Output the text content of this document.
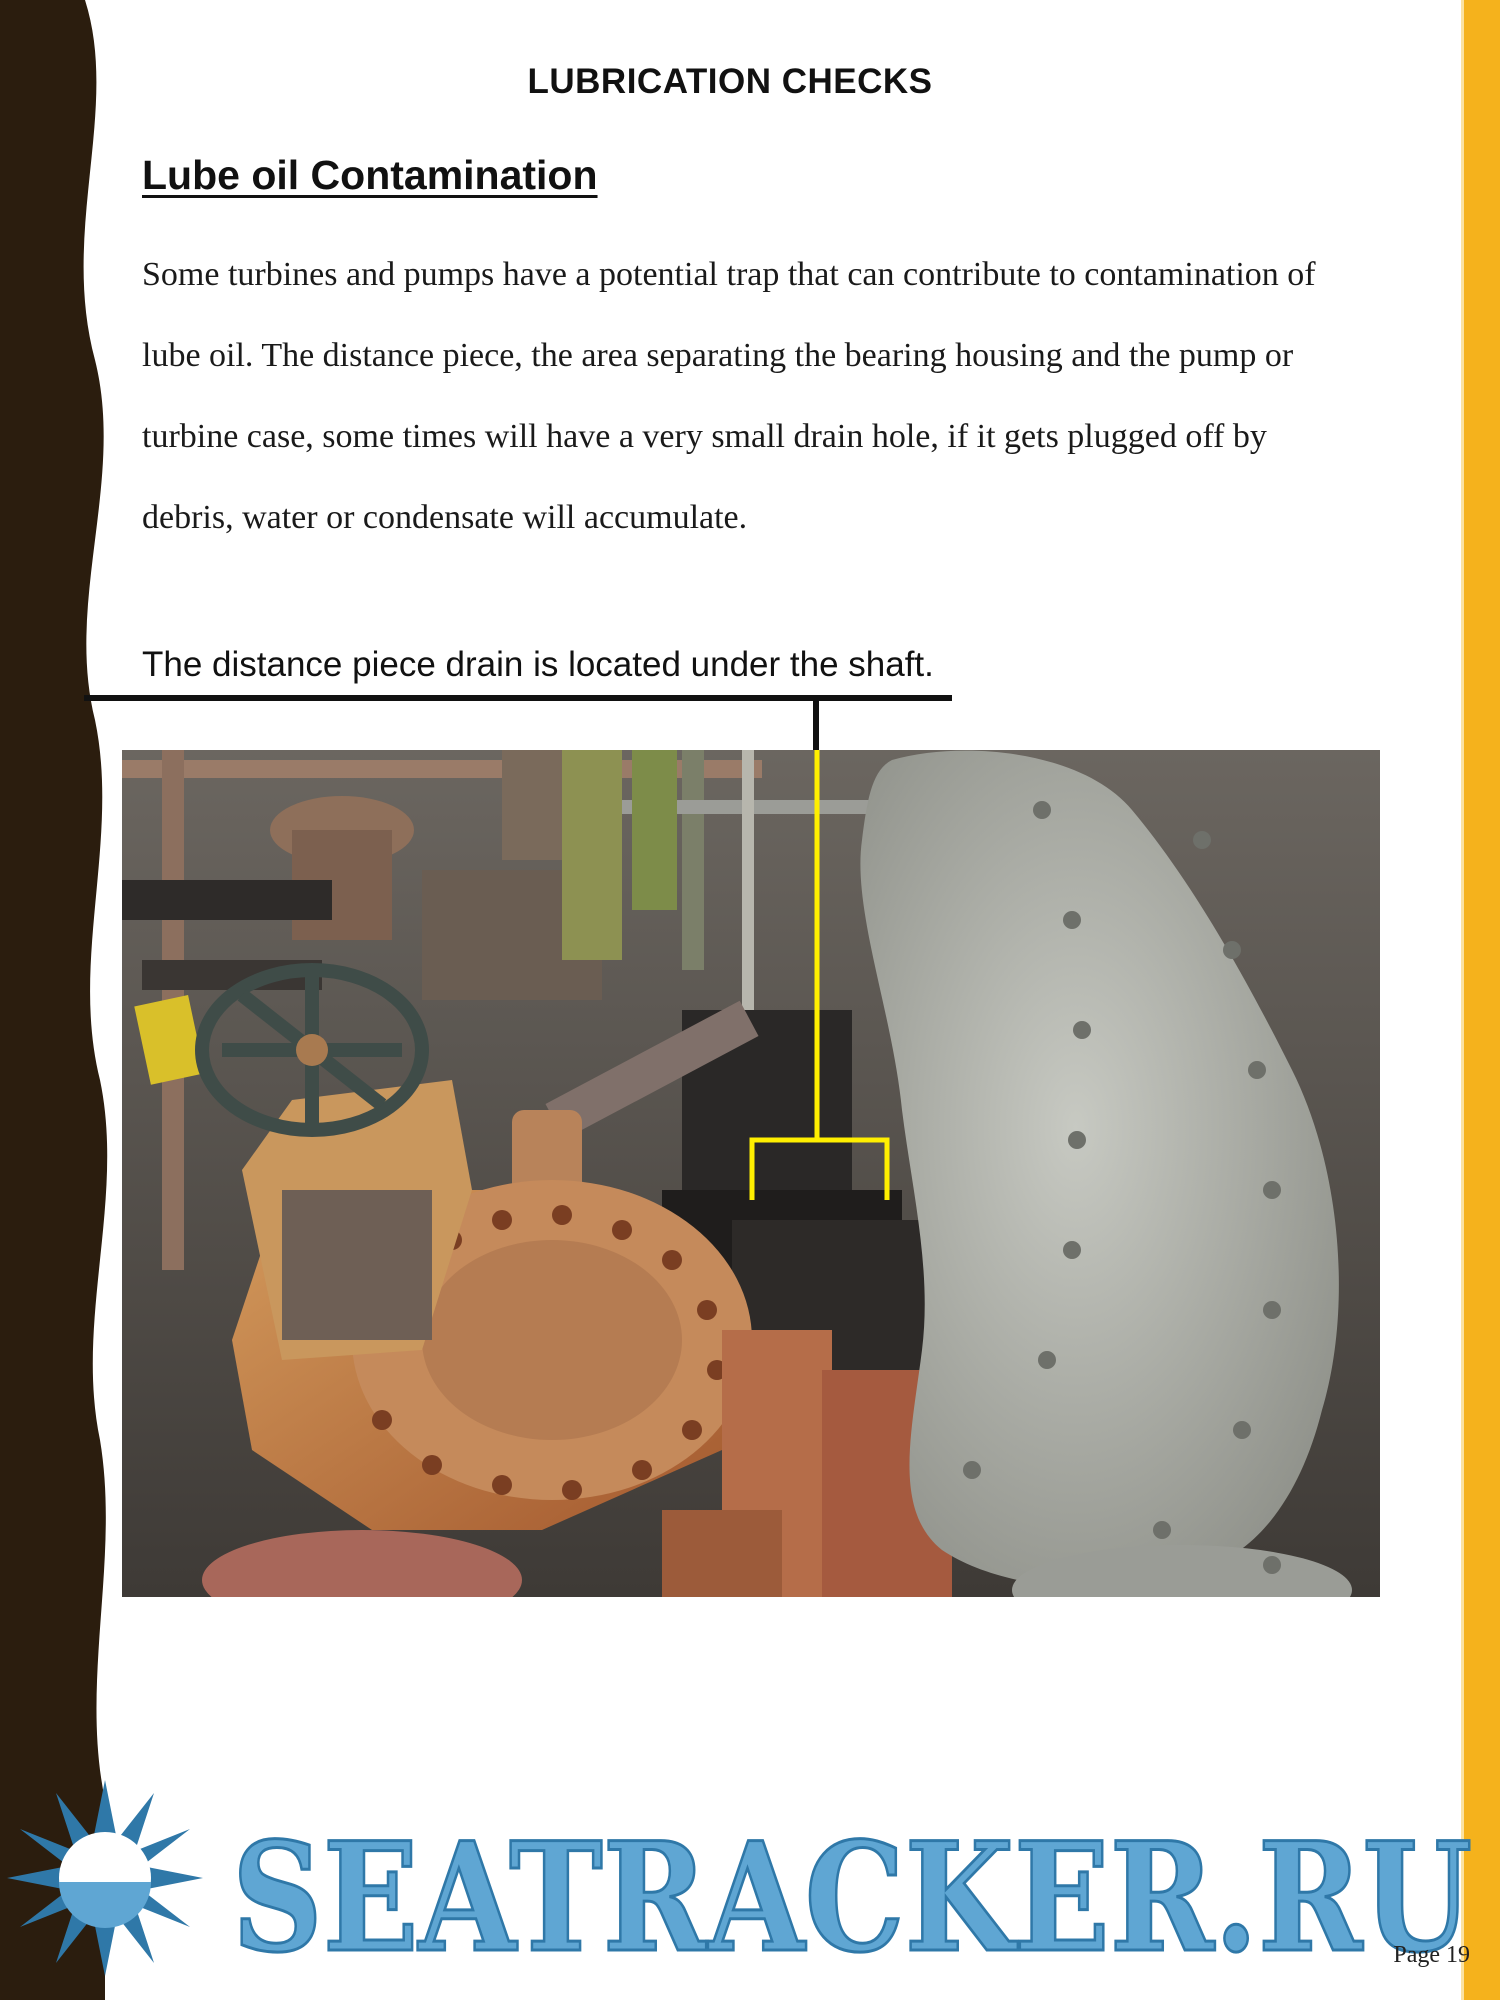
LUBRICATION CHECKS
Lube oil Contamination

Some turbines and pumps have a potential trap that can contribute to contamination of lube oil. The distance piece, the area separating the bearing housing and the pump or turbine case, some times will have a very small drain hole, if it gets plugged off by debris, water or condensate will accumulate.

The distance piece drain is located under the shaft.

SEATRACKER.RU

Page 19
